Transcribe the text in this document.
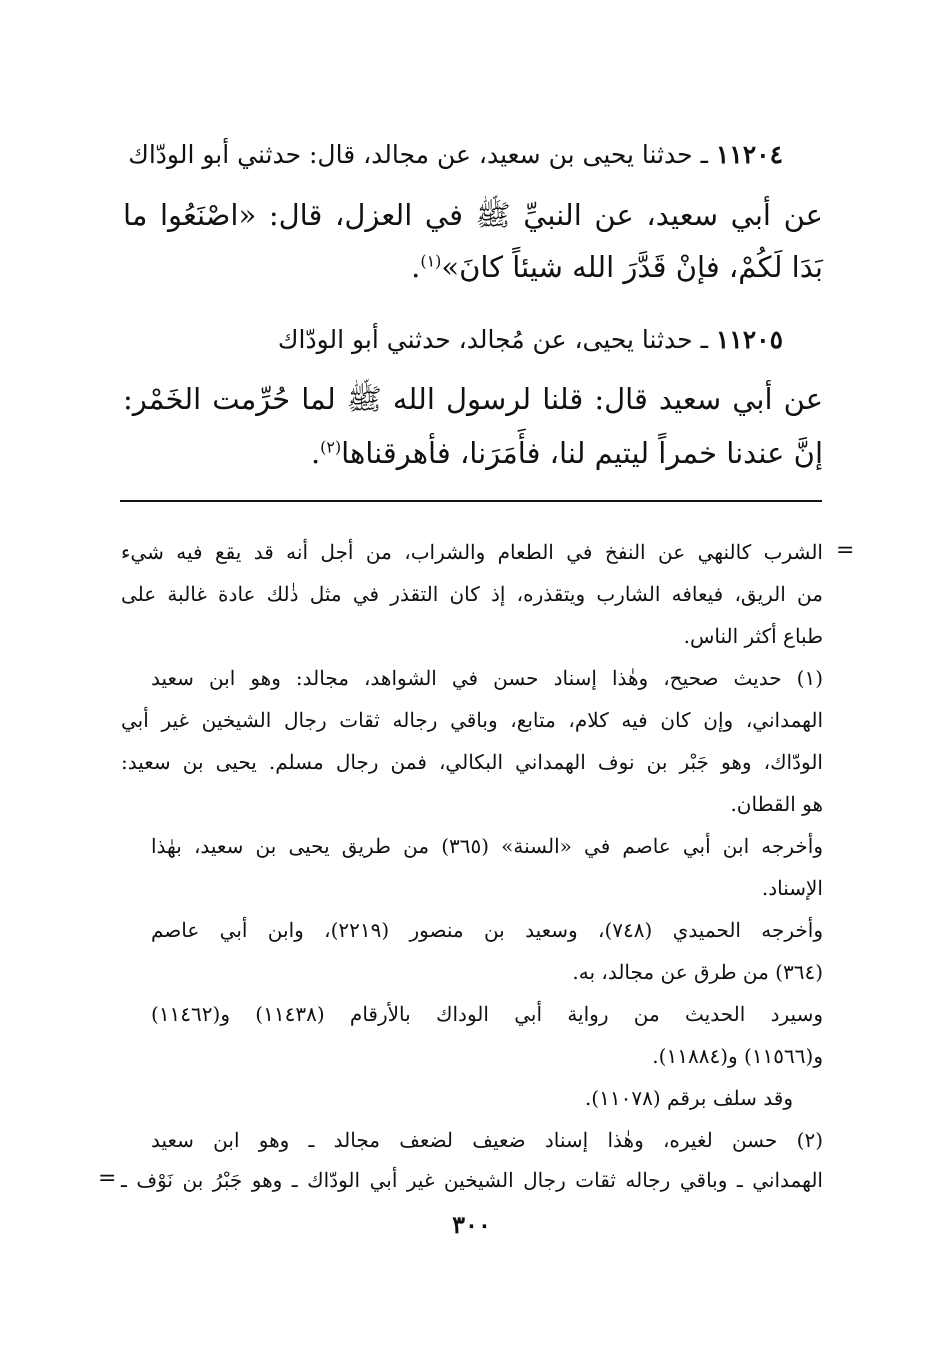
١١٢٠٤ ـ حدثنا يحيى بن سعيد، عن مجالد، قال: حدثني أبو الودّاك
عن أبي سعيد، عن النبيِّ ﷺ في العزل، قال: «اصْنَعُوا ما
بَدَا لَكُمْ، فإنْ قَدَّرَ الله شيئاً كانَ»$^{(١)}$.
١١٢٠٥ ـ حدثنا يحيى، عن مُجالد، حدثني أبو الودّاك
عن أبي سعيد قال: قلنا لرسول الله ﷺ لما حُرِّمت الخَمْر:
إنَّ عندنا خمراً ليتيم لنا، فأَمَرَنا، فأهرقناها$^{(٢)}$.
=
الشرب كالنهي عن النفخ في الطعام والشراب، من أجل أنه قد يقع فيه شيء
من الريق، فيعافه الشارب ويتقذره، إذ كان التقذر في مثل ذٰلك عادة غالبة على
طباع أكثر الناس.
(١) حديث صحيح، وهٰذا إسناد حسن في الشواهد، مجالد: وهو ابن سعيد
الهمداني، وإن كان فيه كلام، متابع، وباقي رجاله ثقات رجال الشيخين غير أبي
الودّاك، وهو جَبْر بن نوف الهمداني البكالي، فمن رجال مسلم. يحيى بن سعيد:
هو القطان.
وأخرجه ابن أبي عاصم في «السنة» (٣٦٥) من طريق يحيى بن سعيد، بهٰذا
الإسناد.
وأخرجه الحميدي (٧٤٨)، وسعيد بن منصور (٢٢١٩)، وابن أبي عاصم
(٣٦٤) من طرق عن مجالد، به.
وسيرد الحديث من رواية أبي الوداك بالأرقام (١١٤٣٨) و(١١٤٦٢)
و(١١٥٦٦) و(١١٨٨٤).
وقد سلف برقم (١١٠٧٨).
(٢) حسن لغيره، وهٰذا إسناد ضعيف لضعف مجالد ـ وهو ابن سعيد
الهمداني ـ وباقي رجاله ثقات رجال الشيخين غير أبي الودّاك ـ وهو جَبْرُ بن نَوْف ـ
=
٣٠٠
